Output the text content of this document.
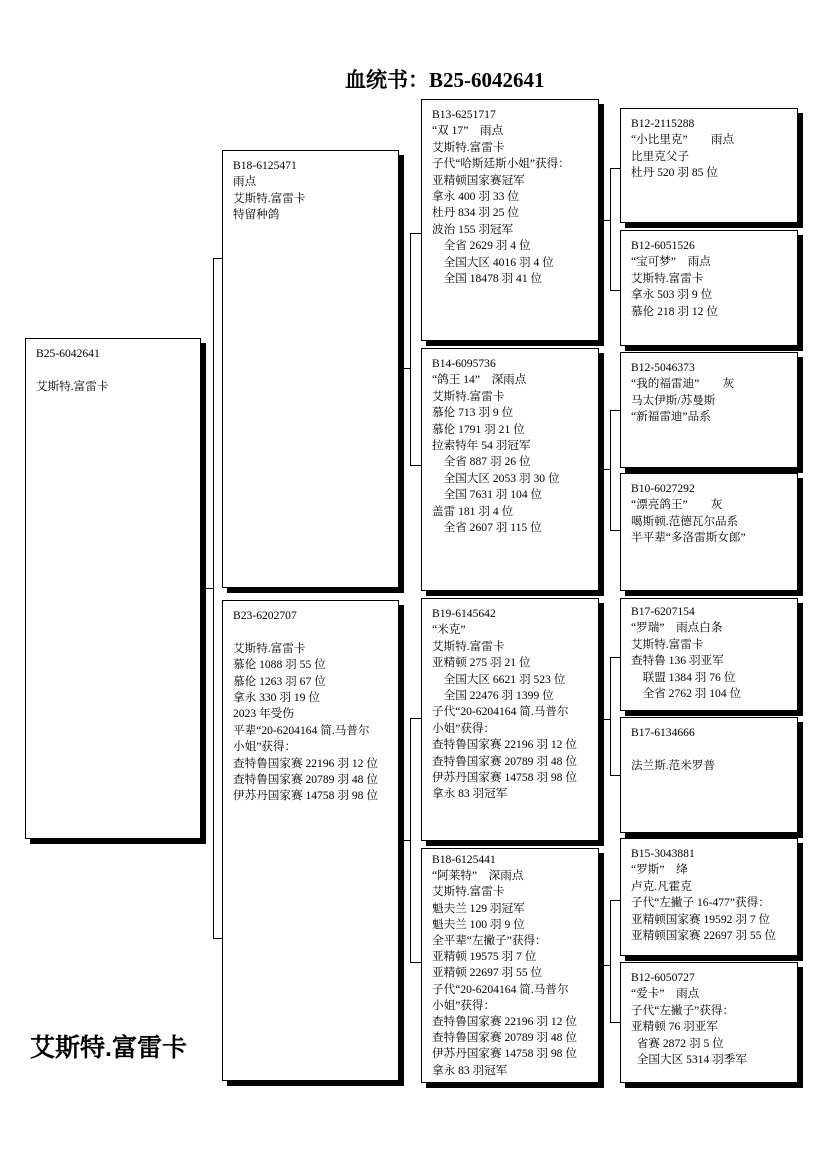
血统书：B25-6042641
B25-6042641
艾斯特.富雷卡
B18-6125471
雨点
艾斯特.富雷卡
特留种鸽
B23-6202707
艾斯特.富雷卡
慕伦 1088 羽 55 位
慕伦 1263 羽 67 位
拿永 330 羽 19 位
2023 年受伤
平辈“20-6204164 简.马普尔
小姐”获得：
查特鲁国家赛 22196 羽 12 位
查特鲁国家赛 20789 羽 48 位
伊苏丹国家赛 14758 羽 98 位
B13-6251717
“双 17”　雨点
艾斯特.富雷卡
子代“哈斯廷斯小姐”获得：
亚精顿国家赛冠军
拿永 400 羽 33 位
杜丹 834 羽 25 位
波治 155 羽冠军
　全省 2629 羽 4 位
　全国大区 4016 羽 4 位
　全国 18478 羽 41 位
B14-6095736
“鸽王 14”　深雨点
艾斯特.富雷卡
慕伦 713 羽 9 位
慕伦 1791 羽 21 位
拉索特年 54 羽冠军
　全省 887 羽 26 位
　全国大区 2053 羽 30 位
　全国 7631 羽 104 位
盖雷 181 羽 4 位
　全省 2607 羽 115 位
B19-6145642
“米克”
艾斯特.富雷卡
亚精顿 275 羽 21 位
　全国大区 6621 羽 523 位
　全国 22476 羽 1399 位
子代“20-6204164 简.马普尔
小姐”获得：
查特鲁国家赛 22196 羽 12 位
查特鲁国家赛 20789 羽 48 位
伊苏丹国家赛 14758 羽 98 位
拿永 83 羽冠军
B18-6125441
“阿莱特”　深雨点
艾斯特.富雷卡
魁夫兰 129 羽冠军
魁夫兰 100 羽 9 位
全平辈“左撇子”获得：
亚精顿 19575 羽 7 位
亚精顿 22697 羽 55 位
子代“20-6204164 简.马普尔
小姐”获得：
查特鲁国家赛 22196 羽 12 位
查特鲁国家赛 20789 羽 48 位
伊苏丹国家赛 14758 羽 98 位
拿永 83 羽冠军
B12-2115288
“小比里克”　　雨点
比里克父子
杜丹 520 羽 85 位
B12-6051526
“宝可梦”　雨点
艾斯特.富雷卡
拿永 503 羽 9 位
慕伦 218 羽 12 位
B12-5046373
“我的福雷迪”　　灰
马太伊斯/苏曼斯
“新福雷迪”品系
B10-6027292
“漂亮鸽王”　　灰
噶斯顿.范德瓦尔品系
半平辈“多洛雷斯女郎”
B17-6207154
“罗瑞”　雨点白条
艾斯特.富雷卡
查特鲁 136 羽亚军
　联盟 1384 羽 76 位
　全省 2762 羽 104 位
B17-6134666
法兰斯.范米罗普
B15-3043881
“罗斯”　绛
卢克.凡霍克
子代“左撇子 16-477”获得：
亚精顿国家赛 19592 羽 7 位
亚精顿国家赛 22697 羽 55 位
B12-6050727
“爱卡”　雨点
子代“左撇子”获得：
亚精顿 76 羽亚军
省赛 2872 羽 5 位
全国大区 5314 羽季军
艾斯特.富雷卡
